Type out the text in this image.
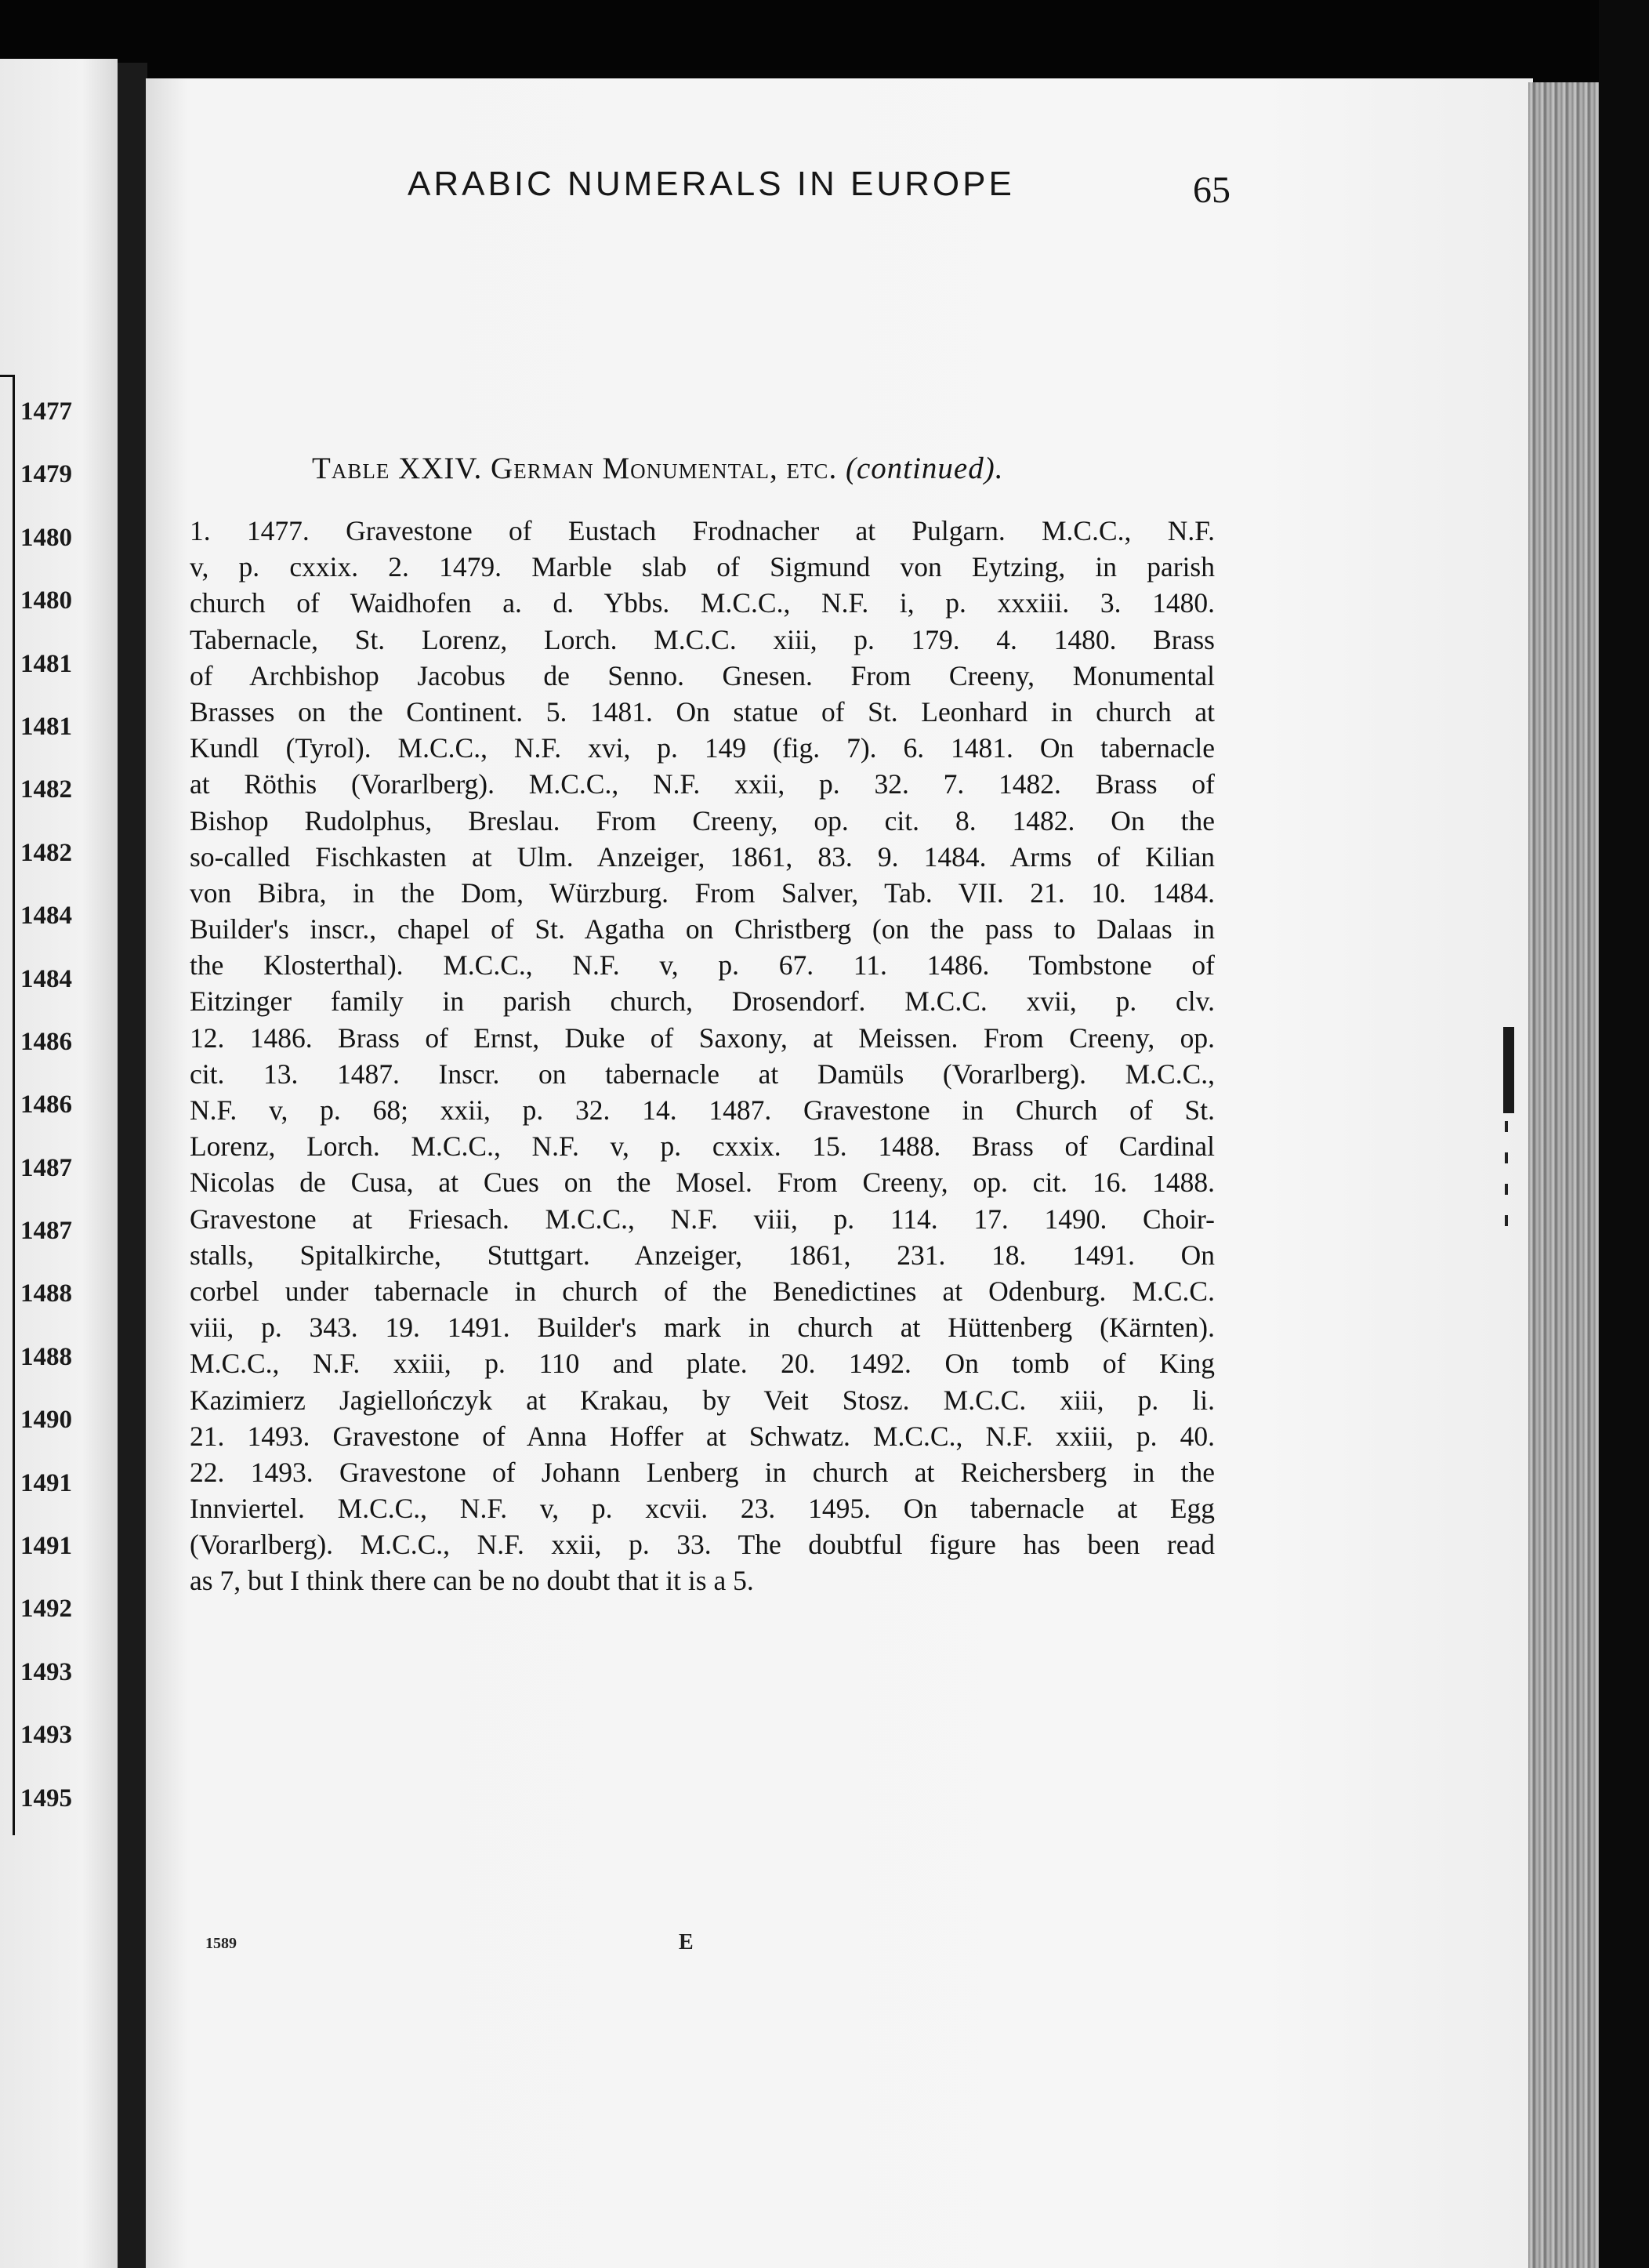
ARABIC NUMERALS IN EUROPE	65
1477
1479
1480
1480
1481
1481
1482
1482
1484
1484
1486
1486
1487
1487
1488
1488
1490
1491
1491
1492
1493
1493
1495
Table XXIV. German Monumental, etc. (continued).
1. 1477. Gravestone of Eustach Frodnacher at Pulgarn. M.C.C., N.F.
v, p. cxxix. 2. 1479. Marble slab of Sigmund von Eytzing, in parish
church of Waidhofen a. d. Ybbs. M.C.C., N.F. i, p. xxxiii. 3. 1480.
Tabernacle, St. Lorenz, Lorch. M.C.C. xiii, p. 179. 4. 1480. Brass
of Archbishop Jacobus de Senno. Gnesen. From Creeny, Monumental
Brasses on the Continent. 5. 1481. On statue of St. Leonhard in church at
Kundl (Tyrol). M.C.C., N.F. xvi, p. 149 (fig. 7). 6. 1481. On tabernacle
at Röthis (Vorarlberg). M.C.C., N.F. xxii, p. 32. 7. 1482. Brass of
Bishop Rudolphus, Breslau. From Creeny, op. cit. 8. 1482. On the
so-called Fischkasten at Ulm. Anzeiger, 1861, 83. 9. 1484. Arms of Kilian
von Bibra, in the Dom, Würzburg. From Salver, Tab. VII. 21. 10. 1484.
Builder's inscr., chapel of St. Agatha on Christberg (on the pass to Dalaas in
the Klosterthal). M.C.C., N.F. v, p. 67. 11. 1486. Tombstone of
Eitzinger family in parish church, Drosendorf. M.C.C. xvii, p. clv.
12. 1486. Brass of Ernst, Duke of Saxony, at Meissen. From Creeny, op.
cit. 13. 1487. Inscr. on tabernacle at Damüls (Vorarlberg). M.C.C.,
N.F. v, p. 68; xxii, p. 32. 14. 1487. Gravestone in Church of St.
Lorenz, Lorch. M.C.C., N.F. v, p. cxxix. 15. 1488. Brass of Cardinal
Nicolas de Cusa, at Cues on the Mosel. From Creeny, op. cit. 16. 1488.
Gravestone at Friesach. M.C.C., N.F. viii, p. 114. 17. 1490. Choir-
stalls, Spitalkirche, Stuttgart. Anzeiger, 1861, 231. 18. 1491. On
corbel under tabernacle in church of the Benedictines at Odenburg. M.C.C.
viii, p. 343. 19. 1491. Builder's mark in church at Hüttenberg (Kärnten).
M.C.C., N.F. xxiii, p. 110 and plate. 20. 1492. On tomb of King
Kazimierz Jagiellończyk at Krakau, by Veit Stosz. M.C.C. xiii, p. li.
21. 1493. Gravestone of Anna Hoffer at Schwatz. M.C.C., N.F. xxiii, p. 40.
22. 1493. Gravestone of Johann Lenberg in church at Reichersberg in the
Innviertel. M.C.C., N.F. v, p. xcvii. 23. 1495. On tabernacle at Egg
(Vorarlberg). M.C.C., N.F. xxii, p. 33. The doubtful figure has been read
as 7, but I think there can be no doubt that it is a 5.
1589	E
